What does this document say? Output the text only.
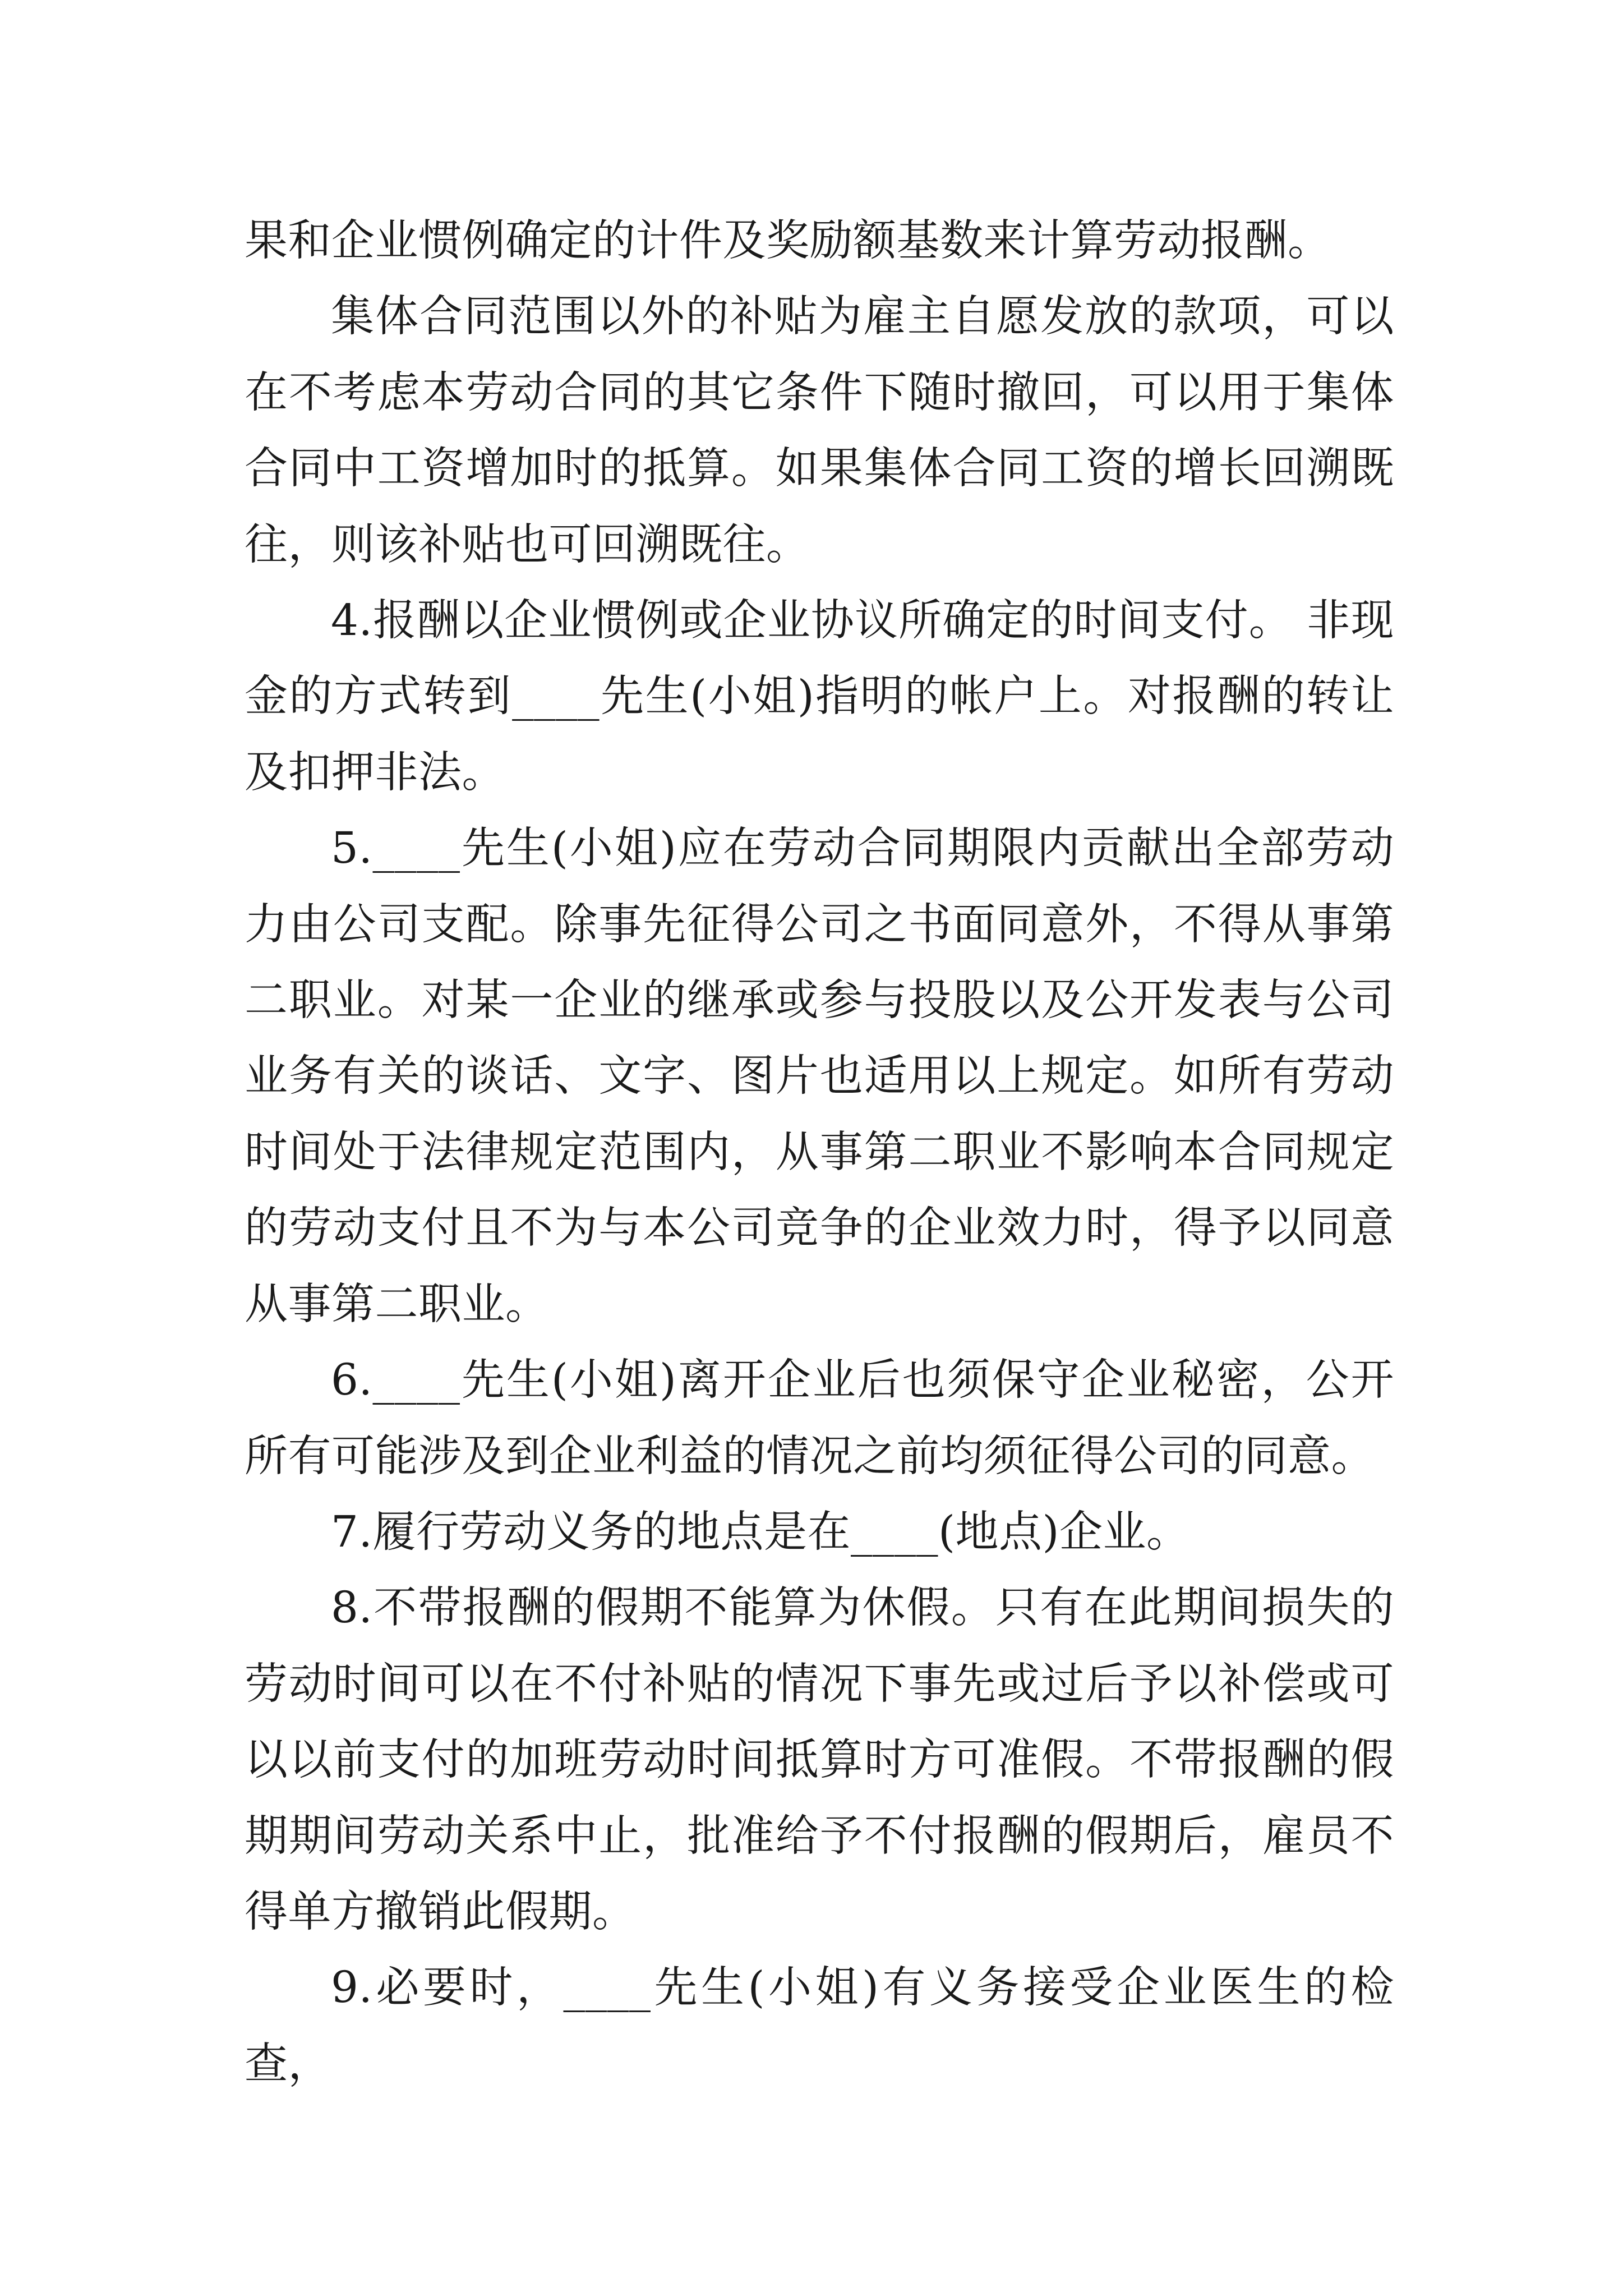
果和企业惯例确定的计件及奖励额基数来计算劳动报酬。

集体合同范围以外的补贴为雇主自愿发放的款项，可以在不考虑本劳动合同的其它条件下随时撤回，可以用于集体合同中工资增加时的抵算。如果集体合同工资的增长回溯既往，则该补贴也可回溯既往。

4.报酬以企业惯例或企业协议所确定的时间支付。 非现金的方式转到____先生(小姐)指明的帐户上。对报酬的转让及扣押非法。

5.____先生(小姐)应在劳动合同期限内贡献出全部劳动力由公司支配。除事先征得公司之书面同意外，不得从事第二职业。对某一企业的继承或参与投股以及公开发表与公司业务有关的谈话、文字、图片也适用以上规定。如所有劳动时间处于法律规定范围内，从事第二职业不影响本合同规定的劳动支付且不为与本公司竞争的企业效力时，得予以同意从事第二职业。

6.____先生(小姐)离开企业后也须保守企业秘密，公开所有可能涉及到企业利益的情况之前均须征得公司的同意。

7.履行劳动义务的地点是在____(地点)企业。

8.不带报酬的假期不能算为休假。只有在此期间损失的劳动时间可以在不付补贴的情况下事先或过后予以补偿或可以以前支付的加班劳动时间抵算时方可准假。不带报酬的假期期间劳动关系中止，批准给予不付报酬的假期后，雇员不得单方撤销此假期。

9.必要时，____先生(小姐)有义务接受企业医生的检查，
